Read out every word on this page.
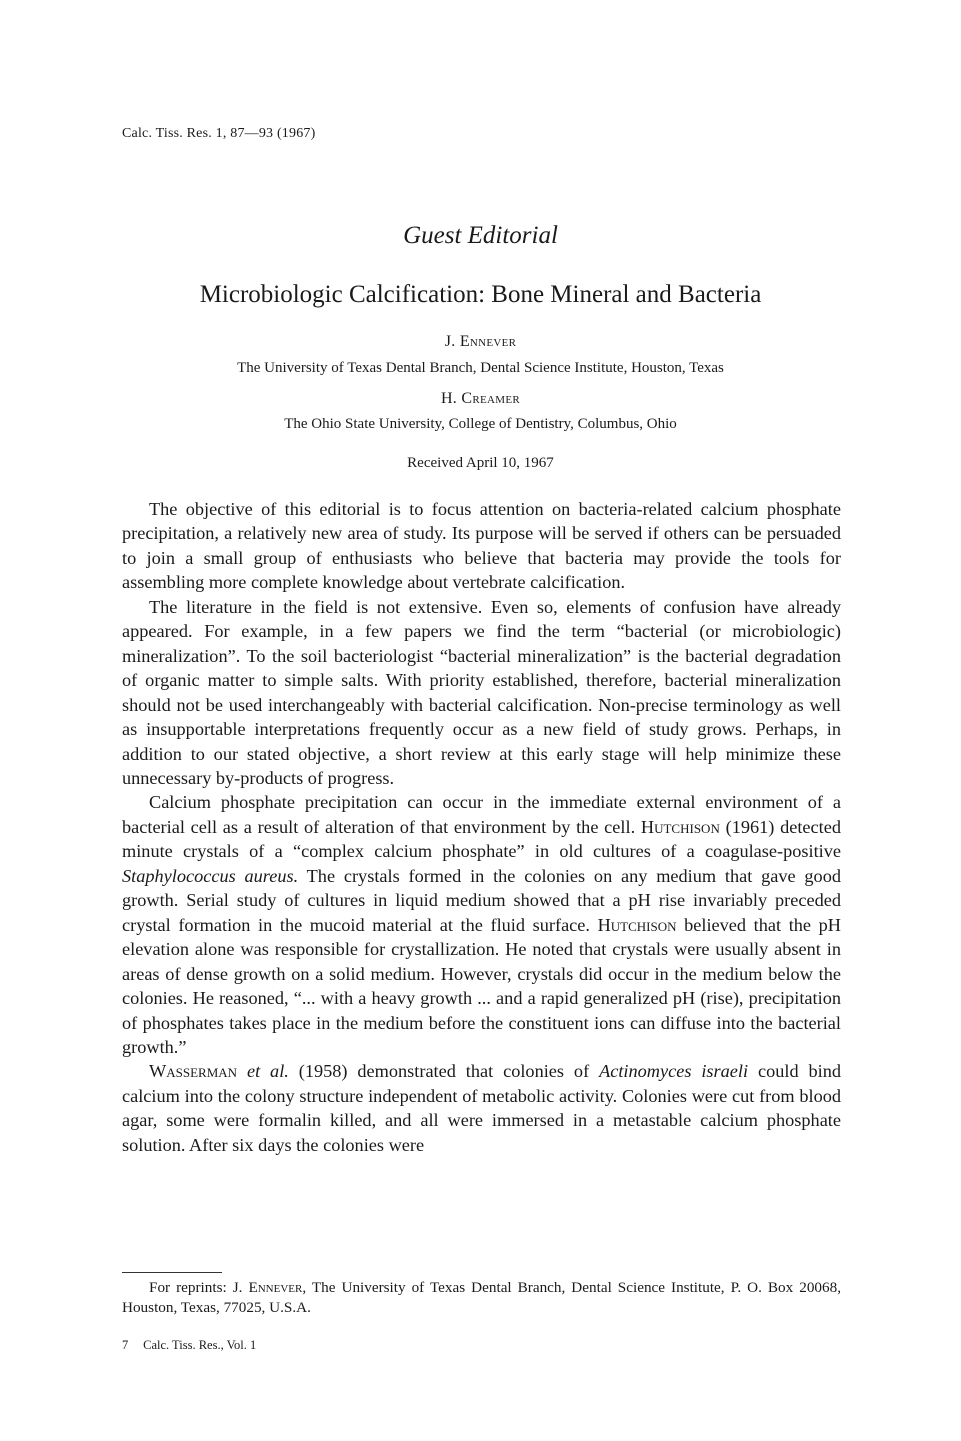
Calc. Tiss. Res. 1, 87—93 (1967)
Guest Editorial
Microbiologic Calcification: Bone Mineral and Bacteria
J. Ennever
The University of Texas Dental Branch, Dental Science Institute, Houston, Texas
H. Creamer
The Ohio State University, College of Dentistry, Columbus, Ohio
Received April 10, 1967

The objective of this editorial is to focus attention on bacteria-related calcium phosphate precipitation, a relatively new area of study. Its purpose will be served if others can be persuaded to join a small group of enthusiasts who believe that bacteria may provide the tools for assembling more complete knowledge about vertebrate calcification.

The literature in the field is not extensive. Even so, elements of confusion have already appeared. For example, in a few papers we find the term “bacterial (or microbiologic) mineralization”. To the soil bacteriologist “bacterial mineralization” is the bacterial degradation of organic matter to simple salts. With priority established, therefore, bacterial mineralization should not be used interchangeably with bacterial calcification. Non-precise terminology as well as insupportable interpretations frequently occur as a new field of study grows. Perhaps, in addition to our stated objective, a short review at this early stage will help minimize these unnecessary by-products of progress.

Calcium phosphate precipitation can occur in the immediate external environment of a bacterial cell as a result of alteration of that environment by the cell. Hutchison (1961) detected minute crystals of a “complex calcium phosphate” in old cultures of a coagulase-positive Staphylococcus aureus. The crystals formed in the colonies on any medium that gave good growth. Serial study of cultures in liquid medium showed that a pH rise invariably preceded crystal formation in the mucoid material at the fluid surface. Hutchison believed that the pH elevation alone was responsible for crystallization. He noted that crystals were usually absent in areas of dense growth on a solid medium. However, crystals did occur in the medium below the colonies. He reasoned, “... with a heavy growth ... and a rapid generalized pH (rise), precipitation of phosphates takes place in the medium before the constituent ions can diffuse into the bacterial growth.”

Wasserman et al. (1958) demonstrated that colonies of Actinomyces israeli could bind calcium into the colony structure independent of metabolic activity. Colonies were cut from blood agar, some were formalin killed, and all were immersed in a metastable calcium phosphate solution. After six days the colonies were

For reprints: J. Ennever, The University of Texas Dental Branch, Dental Science Institute, P. O. Box 20068, Houston, Texas, 77025, U.S.A.
7 Calc. Tiss. Res., Vol. 1
